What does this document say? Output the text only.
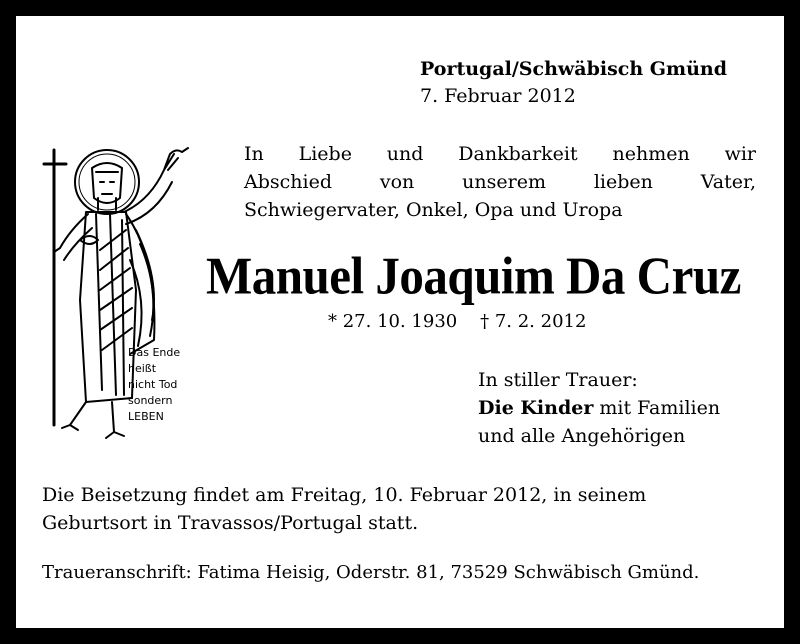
Portugal/Schwäbisch Gmünd
7. Februar 2012
In Liebe und Dankbarkeit nehmen wir
Abschied von unserem lieben Vater,
Schwiegervater, Onkel, Opa und Uropa
Manuel Joaquim Da Cruz
* 27. 10. 1930    † 7. 2. 2012
In stiller Trauer:
Die Kinder mit Familien
und alle Angehörigen
Die Beisetzung findet am Freitag, 10. Februar 2012, in seinem Geburtsort in Travassos/Portugal statt.
Traueranschrift: Fatima Heisig, Oderstr. 81, 73529 Schwäbisch Gmünd.
Das Ende
heißt
nicht Tod
sondern
LEBEN
